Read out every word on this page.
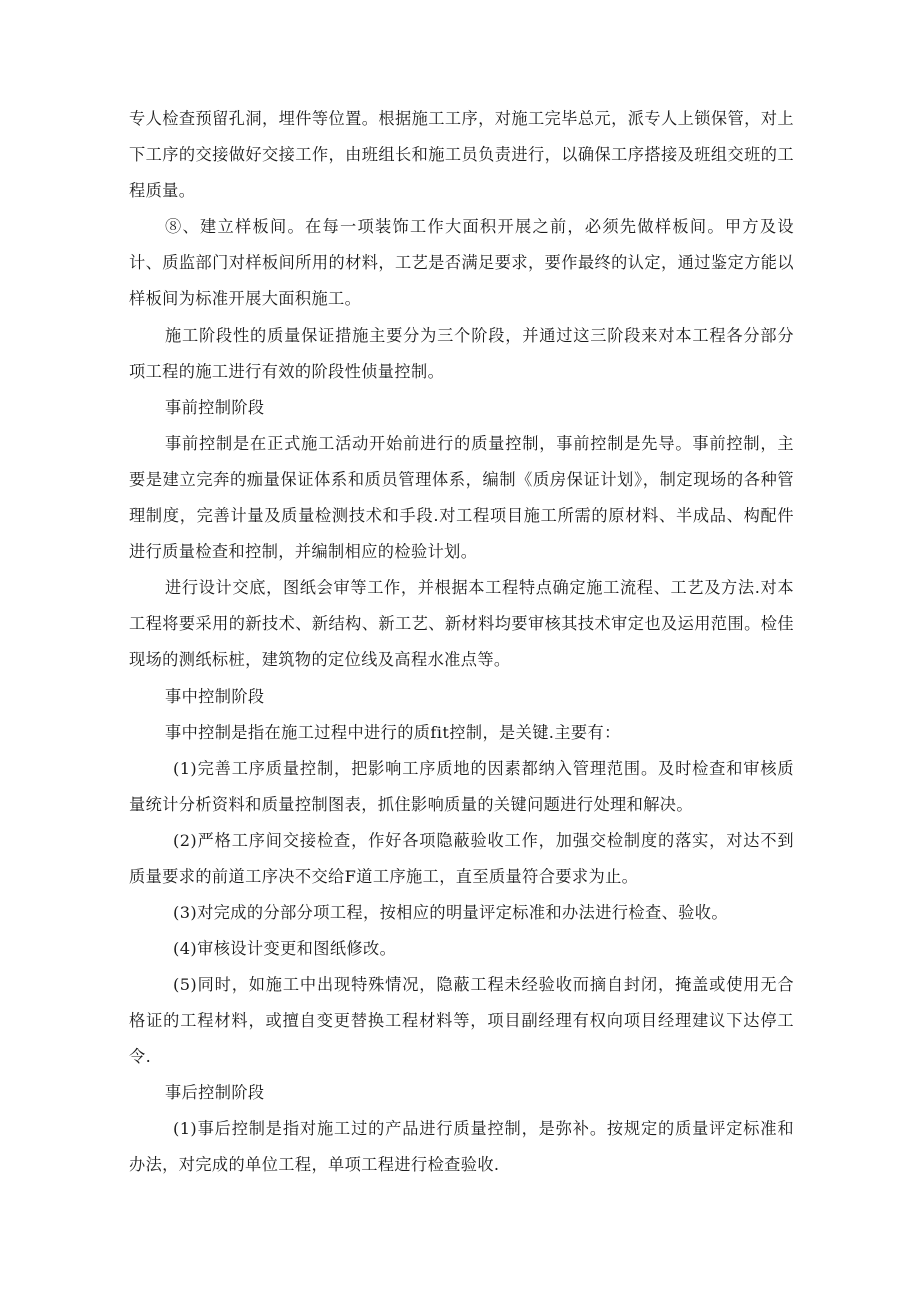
专人检查预留孔洞，埋件等位置。根据施工工序，对施工完毕总元，派专人上锁保管，对上下工序的交接做好交接工作，由班组长和施工员负责进行，以确保工序搭接及班组交班的工程质量。

⑧、建立样板间。在每一项装饰工作大面积开展之前，必须先做样板间。甲方及设计、质监部门对样板间所用的材料，工艺是否满足要求，要作最终的认定，通过鉴定方能以样板间为标准开展大面积施工。

施工阶段性的质量保证措施主要分为三个阶段，并通过这三阶段来对本工程各分部分项工程的施工进行有效的阶段性侦量控制。

事前控制阶段

事前控制是在正式施工活动开始前进行的质量控制，事前控制是先导。事前控制，主要是建立完奔的痂量保证体系和质员管理体系，编制《质房保证计划》，制定现场的各种管理制度，完善计量及质量检测技术和手段.对工程项目施工所需的原材料、半成品、构配件进行质量检查和控制，并编制相应的检验计划。

进行设计交底，图纸会审等工作，并根据本工程特点确定施工流程、工艺及方法.对本工程将要采用的新技术、新结构、新工艺、新材料均要审核其技术审定也及运用范围。检佳现场的测纸标桩，建筑物的定位线及高程水准点等。

事中控制阶段

事中控制是指在施工过程中进行的质fit控制，是关键.主要有：

(1)完善工序质量控制，把影响工序质地的因素都纳入管理范围。及时检查和审核质量统计分析资料和质量控制图表，抓住影响质量的关键问题进行处理和解决。

(2)严格工序间交接检查，作好各项隐蔽验收工作，加强交检制度的落实，对达不到质量要求的前道工序决不交给F道工序施工，直至质量符合要求为止。

(3)对完成的分部分项工程，按相应的明量评定标准和办法进行检查、验收。

(4)审核设计变更和图纸修改。

(5)同时，如施工中出现特殊情况，隐蔽工程未经验收而摘自封闭，掩盖或使用无合格证的工程材料，或擅自变更替换工程材料等，项目副经理有权向项目经理建议下达停工令.

事后控制阶段

(1)事后控制是指对施工过的产品进行质量控制，是弥补。按规定的质量评定标准和办法，对完成的单位工程，单项工程进行检查验收.
